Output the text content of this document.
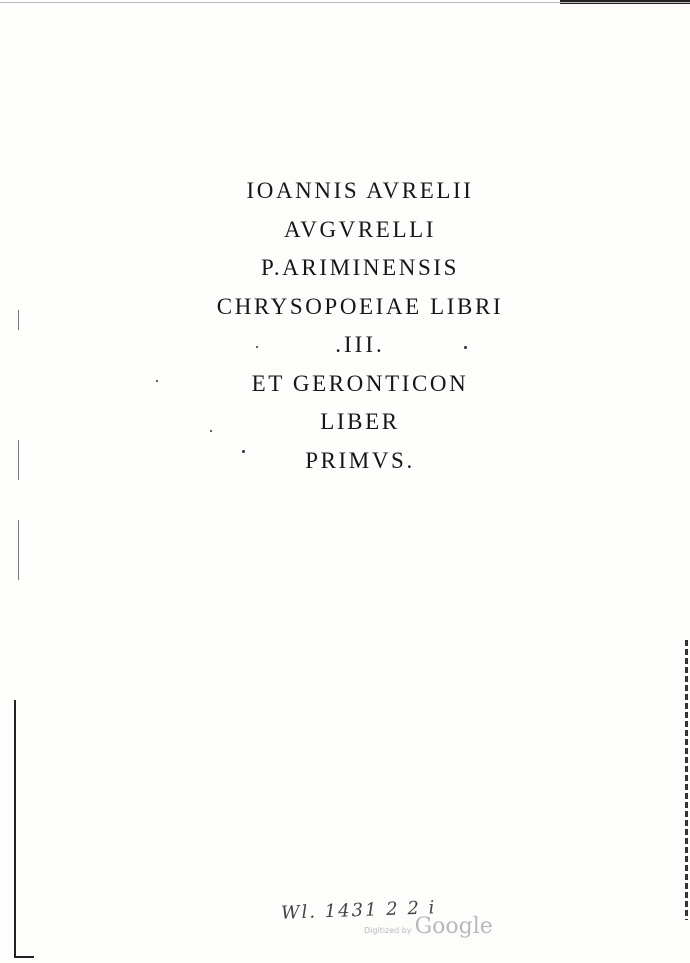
IOANNIS AVRELII
AVGVRELLI
P.ARIMINENSIS
CHRYSOPOEIAE LIBRI
.III.
ET GERONTICON
LIBER
PRIMVS.
Wl. 1431 2 2 i
Digitized by Google
